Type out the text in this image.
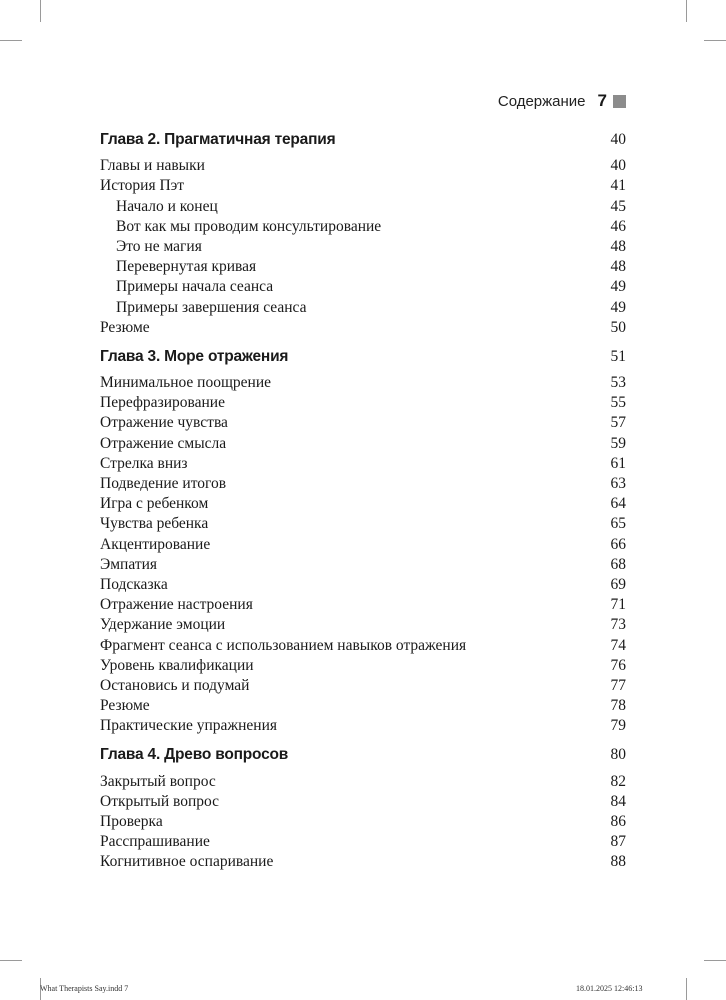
Содержание 7
Глава 2. Прагматичная терапия	40
Главы и навыки	40
История Пэт	41
Начало и конец	45
Вот как мы проводим консультирование	46
Это не магия	48
Перевернутая кривая	48
Примеры начала сеанса	49
Примеры завершения сеанса	49
Резюме	50
Глава 3. Море отражения	51
Минимальное поощрение	53
Перефразирование	55
Отражение чувства	57
Отражение смысла	59
Стрелка вниз	61
Подведение итогов	63
Игра с ребенком	64
Чувства ребенка	65
Акцентирование	66
Эмпатия	68
Подсказка	69
Отражение настроения	71
Удержание эмоции	73
Фрагмент сеанса с использованием навыков отражения	74
Уровень квалификации	76
Остановись и подумай	77
Резюме	78
Практические упражнения	79
Глава 4. Древо вопросов	80
Закрытый вопрос	82
Открытый вопрос	84
Проверка	86
Расспрашивание	87
Когнитивное оспаривание	88
What Therapists Say.indd 7	18.01.2025 12:46:13
